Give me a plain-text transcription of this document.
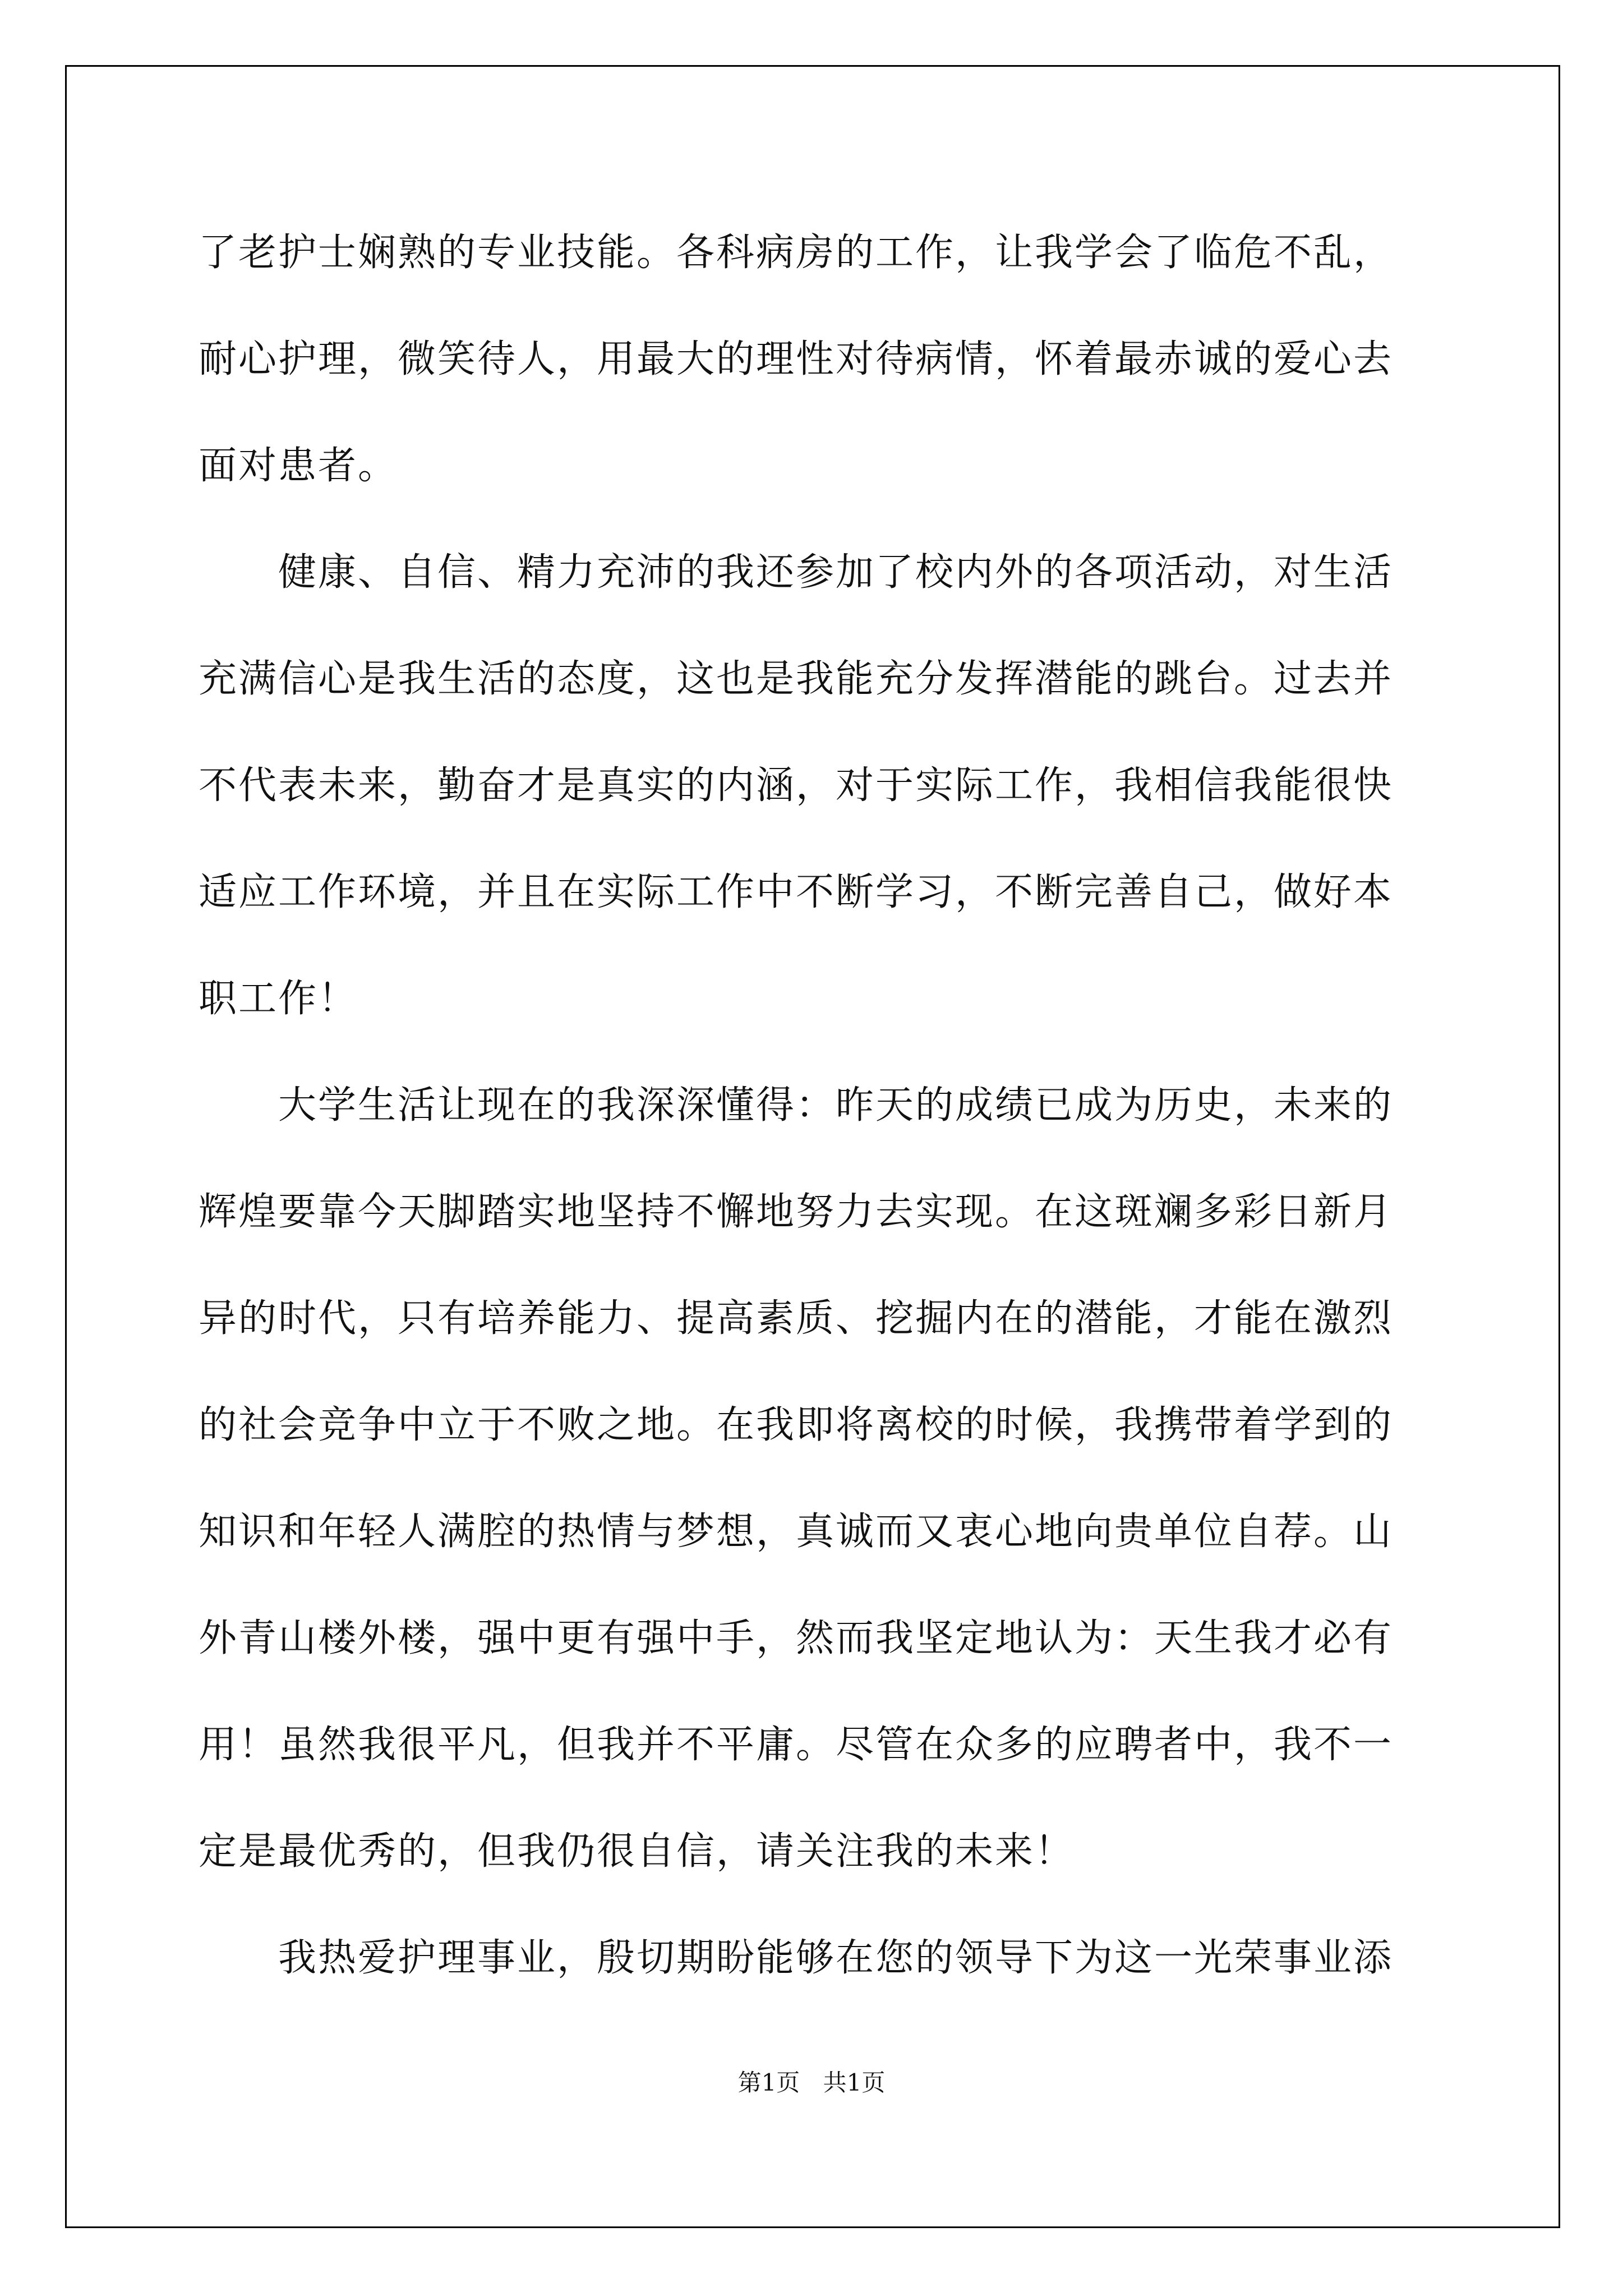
了老护士娴熟的专业技能。各科病房的工作，让我学会了临危不乱，

耐心护理，微笑待人，用最大的理性对待病情，怀着最赤诚的爱心去

面对患者。

　　健康、自信、精力充沛的我还参加了校内外的各项活动，对生活

充满信心是我生活的态度，这也是我能充分发挥潜能的跳台。过去并

不代表未来，勤奋才是真实的内涵，对于实际工作，我相信我能很快

适应工作环境，并且在实际工作中不断学习，不断完善自己，做好本

职工作！

　　大学生活让现在的我深深懂得：昨天的成绩已成为历史，未来的

辉煌要靠今天脚踏实地坚持不懈地努力去实现。在这斑斓多彩日新月

异的时代，只有培养能力、提高素质、挖掘内在的潜能，才能在激烈

的社会竞争中立于不败之地。在我即将离校的时候，我携带着学到的

知识和年轻人满腔的热情与梦想，真诚而又衷心地向贵单位自荐。山

外青山楼外楼，强中更有强中手，然而我坚定地认为：天生我才必有

用！虽然我很平凡，但我并不平庸。尽管在众多的应聘者中，我不一

定是最优秀的，但我仍很自信，请关注我的未来！

　　我热爱护理事业，殷切期盼能够在您的领导下为这一光荣事业添

第1页 共1页
